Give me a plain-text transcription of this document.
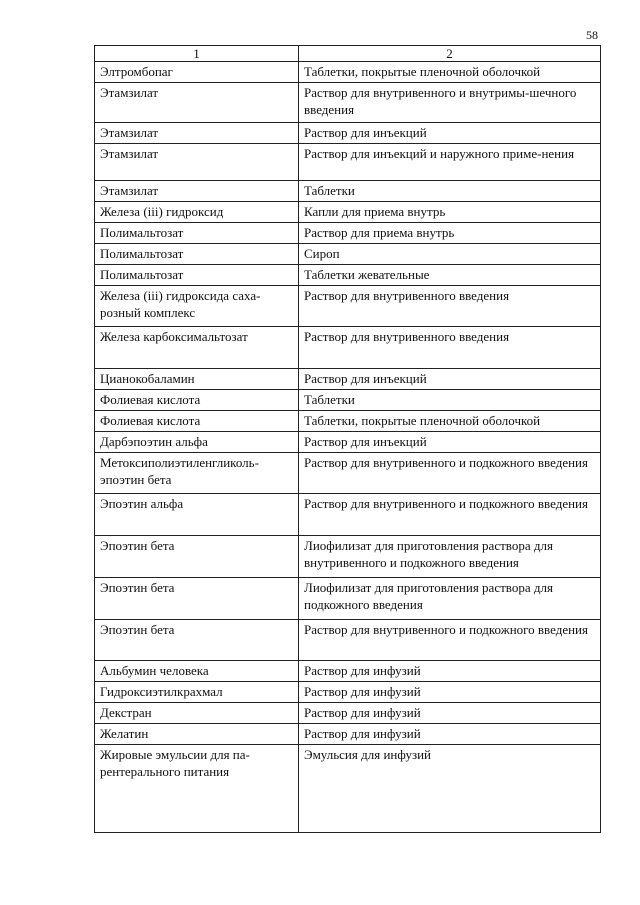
58
1	2
Элтромбопаг	Таблетки, покрытые пленочной оболочкой
Этамзилат	Раствор для внутривенного и внутримы-шечного введения
Этамзилат	Раствор для инъекций
Этамзилат	Раствор для инъекций и наружного приме-нения
Этамзилат	Таблетки
Железа (iii) гидроксид	Капли для приема внутрь
Полимальтозат	Раствор для приема внутрь
Полимальтозат	Сироп
Полимальтозат	Таблетки жевательные
Железа (iii) гидроксида саха-розный комплекс	Раствор для внутривенного введения
Железа карбоксимальтозат	Раствор для внутривенного введения
Цианокобаламин	Раствор для инъекций
Фолиевая кислота	Таблетки
Фолиевая кислота	Таблетки, покрытые пленочной оболочкой
Дарбэпоэтин альфа	Раствор для инъекций
Метоксиполиэтиленгликоль-эпоэтин бета	Раствор для внутривенного и подкожного введения
Эпоэтин альфа	Раствор для внутривенного и подкожного введения
Эпоэтин бета	Лиофилизат для приготовления раствора для внутривенного и подкожного введения
Эпоэтин бета	Лиофилизат для приготовления раствора для подкожного введения
Эпоэтин бета	Раствор для внутривенного и подкожного введения
Альбумин человека	Раствор для инфузий
Гидроксиэтилкрахмал	Раствор для инфузий
Декстран	Раствор для инфузий
Желатин	Раствор для инфузий
Жировые эмульсии для па-рентерального питания	Эмульсия для инфузий
